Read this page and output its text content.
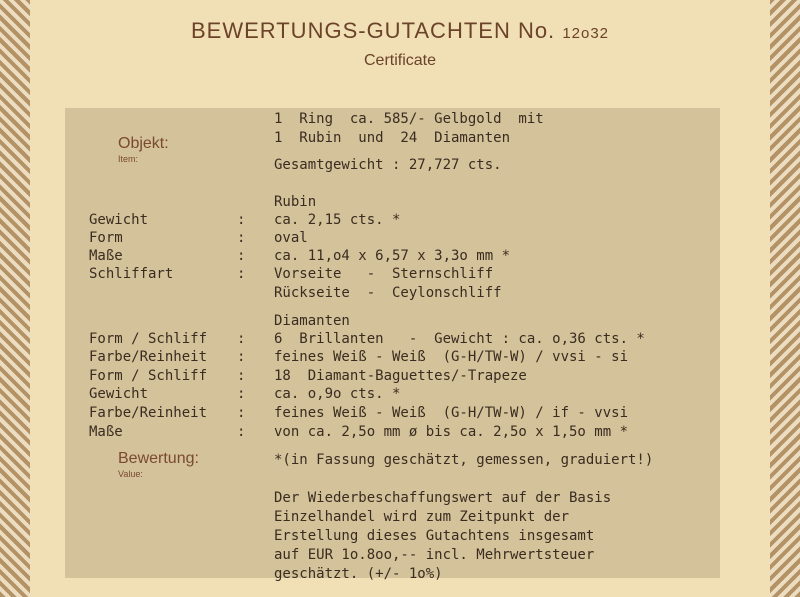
BEWERTUNGS-GUTACHTEN No. 12o32
Certificate
Objekt:
Item:
1  Ring  ca. 585/- Gelbgold  mit
1  Rubin  und  24  Diamanten
Gesamtgewicht : 27,727 cts.
Rubin
Gewicht	: ca. 2,15 cts. *
Form	: oval
Maße	: ca. 11,o4 x 6,57 x 3,3o mm *
Schliffart	: Vorseite   -  Sternschliff
Rückseite  -  Ceylonschliff
Diamanten
Form / Schliff : 6  Brillanten   -  Gewicht : ca. o,36 cts. *
Farbe/Reinheit : feines Weiß - Weiß  (G-H/TW-W) / vvsi - si
Form / Schliff : 18  Diamant-Baguettes/-Trapeze
Gewicht	: ca. o,9o cts. *
Farbe/Reinheit : feines Weiß - Weiß  (G-H/TW-W) / if - vvsi
Maße	: von ca. 2,5o mm ø bis ca. 2,5o x 1,5o mm *
Bewertung:
Value:
*(in Fassung geschätzt, gemessen, graduiert!)
Der Wiederbeschaffungswert auf der Basis
Einzelhandel wird zum Zeitpunkt der
Erstellung dieses Gutachtens insgesamt
auf EUR 1o.8oo,-- incl. Mehrwertsteuer
geschätzt. (+/- 1o%)
